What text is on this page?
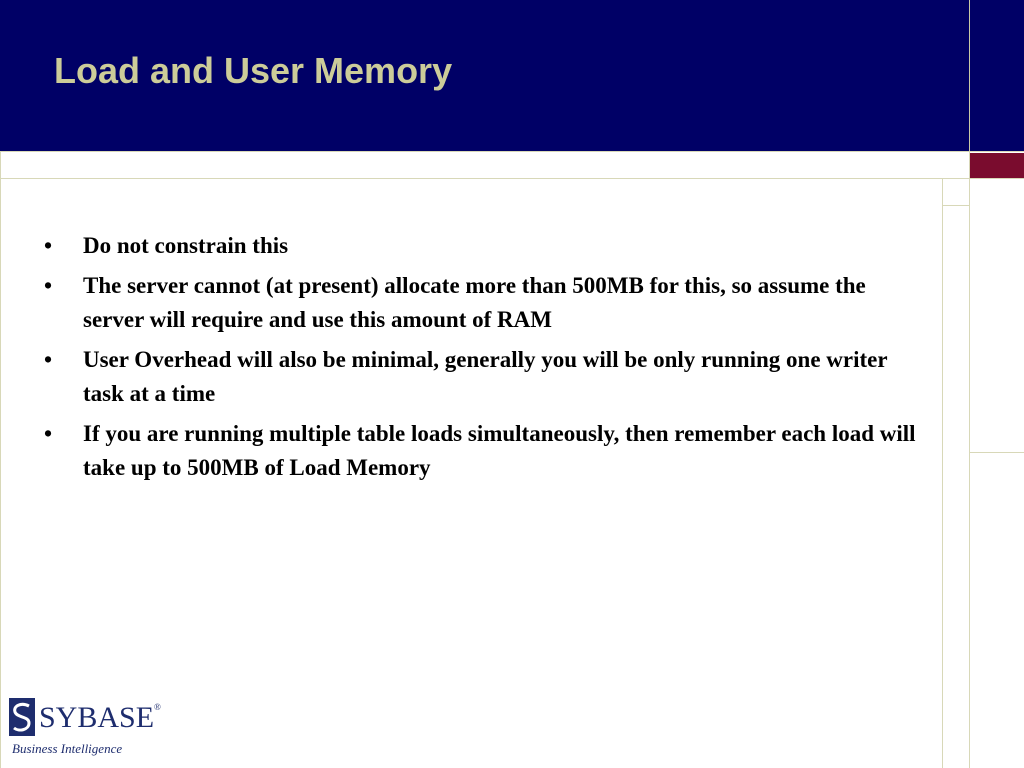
Load and User Memory
• Do not constrain this
• The server cannot (at present) allocate more than 500MB for this, so assume the server will require and use this amount of RAM
• User Overhead will also be minimal, generally you will be only running one writer task at a time
• If you are running multiple table loads simultaneously, then remember each load will take up to 500MB of Load Memory
SYBASE®
Business Intelligence
